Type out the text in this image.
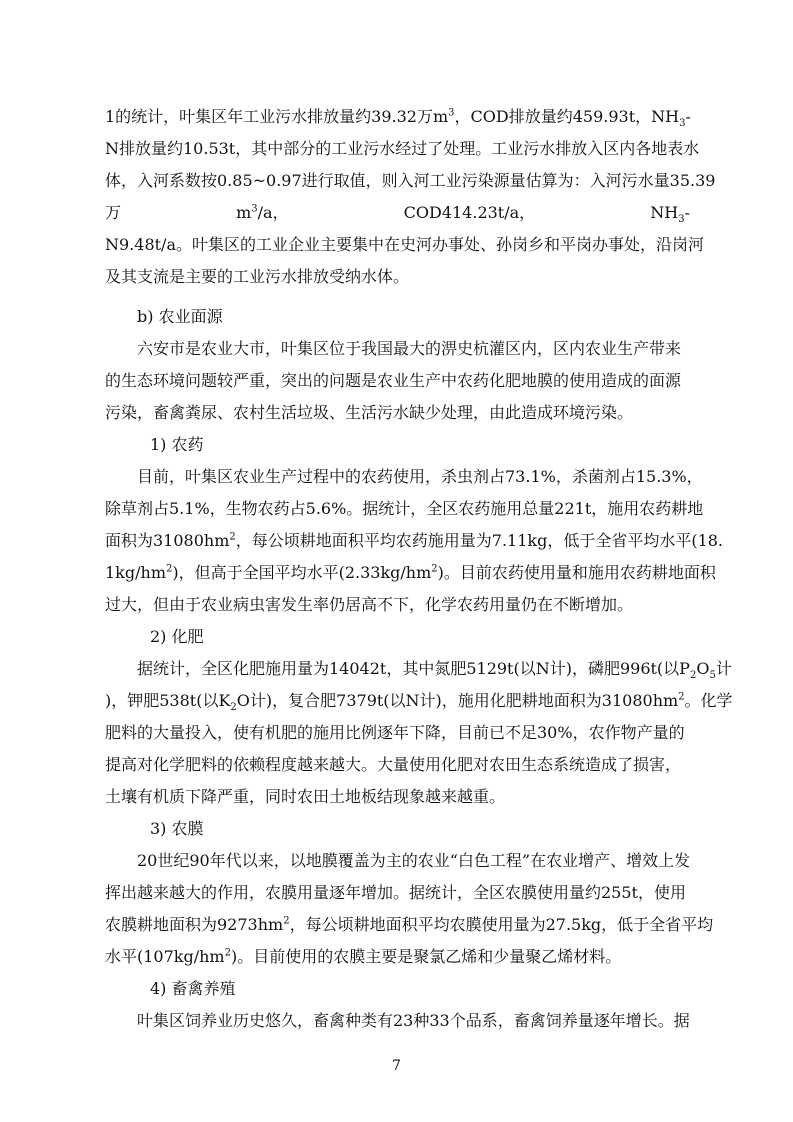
1的统计，叶集区年工业污水排放量约39.32万$m^3$ ，COD排放量约459.93t，$NH_3-$
N排放量约10.53t，其中部分的工业污水经过了处理。工业污水排放入区内各地表水
体，入河系数按0.85~0.97进行取值，则入河工业污染源量估算为：入河污水量35.39
万	$m^3/a$，	COD414.23t/a，	$NH_3-$
N9.48t/a。叶集区的工业企业主要集中在史河办事处、孙岗乡和平岗办事处，沿岗河
及其支流是主要的工业污水排放受纳水体。
b) 农业面源
六安市是农业大市，叶集区位于我国最大的淠史杭灌区内，区内农业生产带来
的生态环境问题较严重，突出的问题是农业生产中农药化肥地膜的使用造成的面源
污染，畜禽粪尿、农村生活垃圾、生活污水缺少处理，由此造成环境污染。
1) 农药
目前，叶集区农业生产过程中的农药使用，杀虫剂占73.1%，杀菌剂占15.3%，
除草剂占5.1%，生物农药占5.6%。据统计，全区农药施用总量221t，施用农药耕地
面积为$31080hm^2$，每公顷耕地面积平均农药施用量为7.11kg，低于全省平均水平(18.
$1kg/hm^2$)，但高于全国平均水平$(2.33kg/hm^2)$。目前农药使用量和施用农药耕地面积
过大，但由于农业病虫害发生率仍居高不下，化学农药用量仍在不断增加。
2) 化肥
据统计，全区化肥施用量为14042t，其中氮肥5129t(以N计)，磷肥996t(以$P_2O_5$计
)，钾肥538t(以$K_2O$计)，复合肥7379t(以N计)，施用化肥耕地面积为$31080hm^2$。化学
肥料的大量投入，使有机肥的施用比例逐年下降，目前已不足30%，农作物产量的
提高对化学肥料的依赖程度越来越大。大量使用化肥对农田生态系统造成了损害，
土壤有机质下降严重，同时农田土地板结现象越来越重。
3) 农膜
20世纪90年代以来，以地膜覆盖为主的农业“白色工程”在农业增产、增效上发
挥出越来越大的作用，农膜用量逐年增加。据统计，全区农膜使用量约255t，使用
农膜耕地面积为$9273hm^2$，每公顷耕地面积平均农膜使用量为27.5kg，低于全省平均
水平$(107kg/hm^2)$。目前使用的农膜主要是聚氯乙烯和少量聚乙烯材料。
4) 畜禽养殖
叶集区饲养业历史悠久，畜禽种类有23种33个品系，畜禽饲养量逐年增长。据
7
